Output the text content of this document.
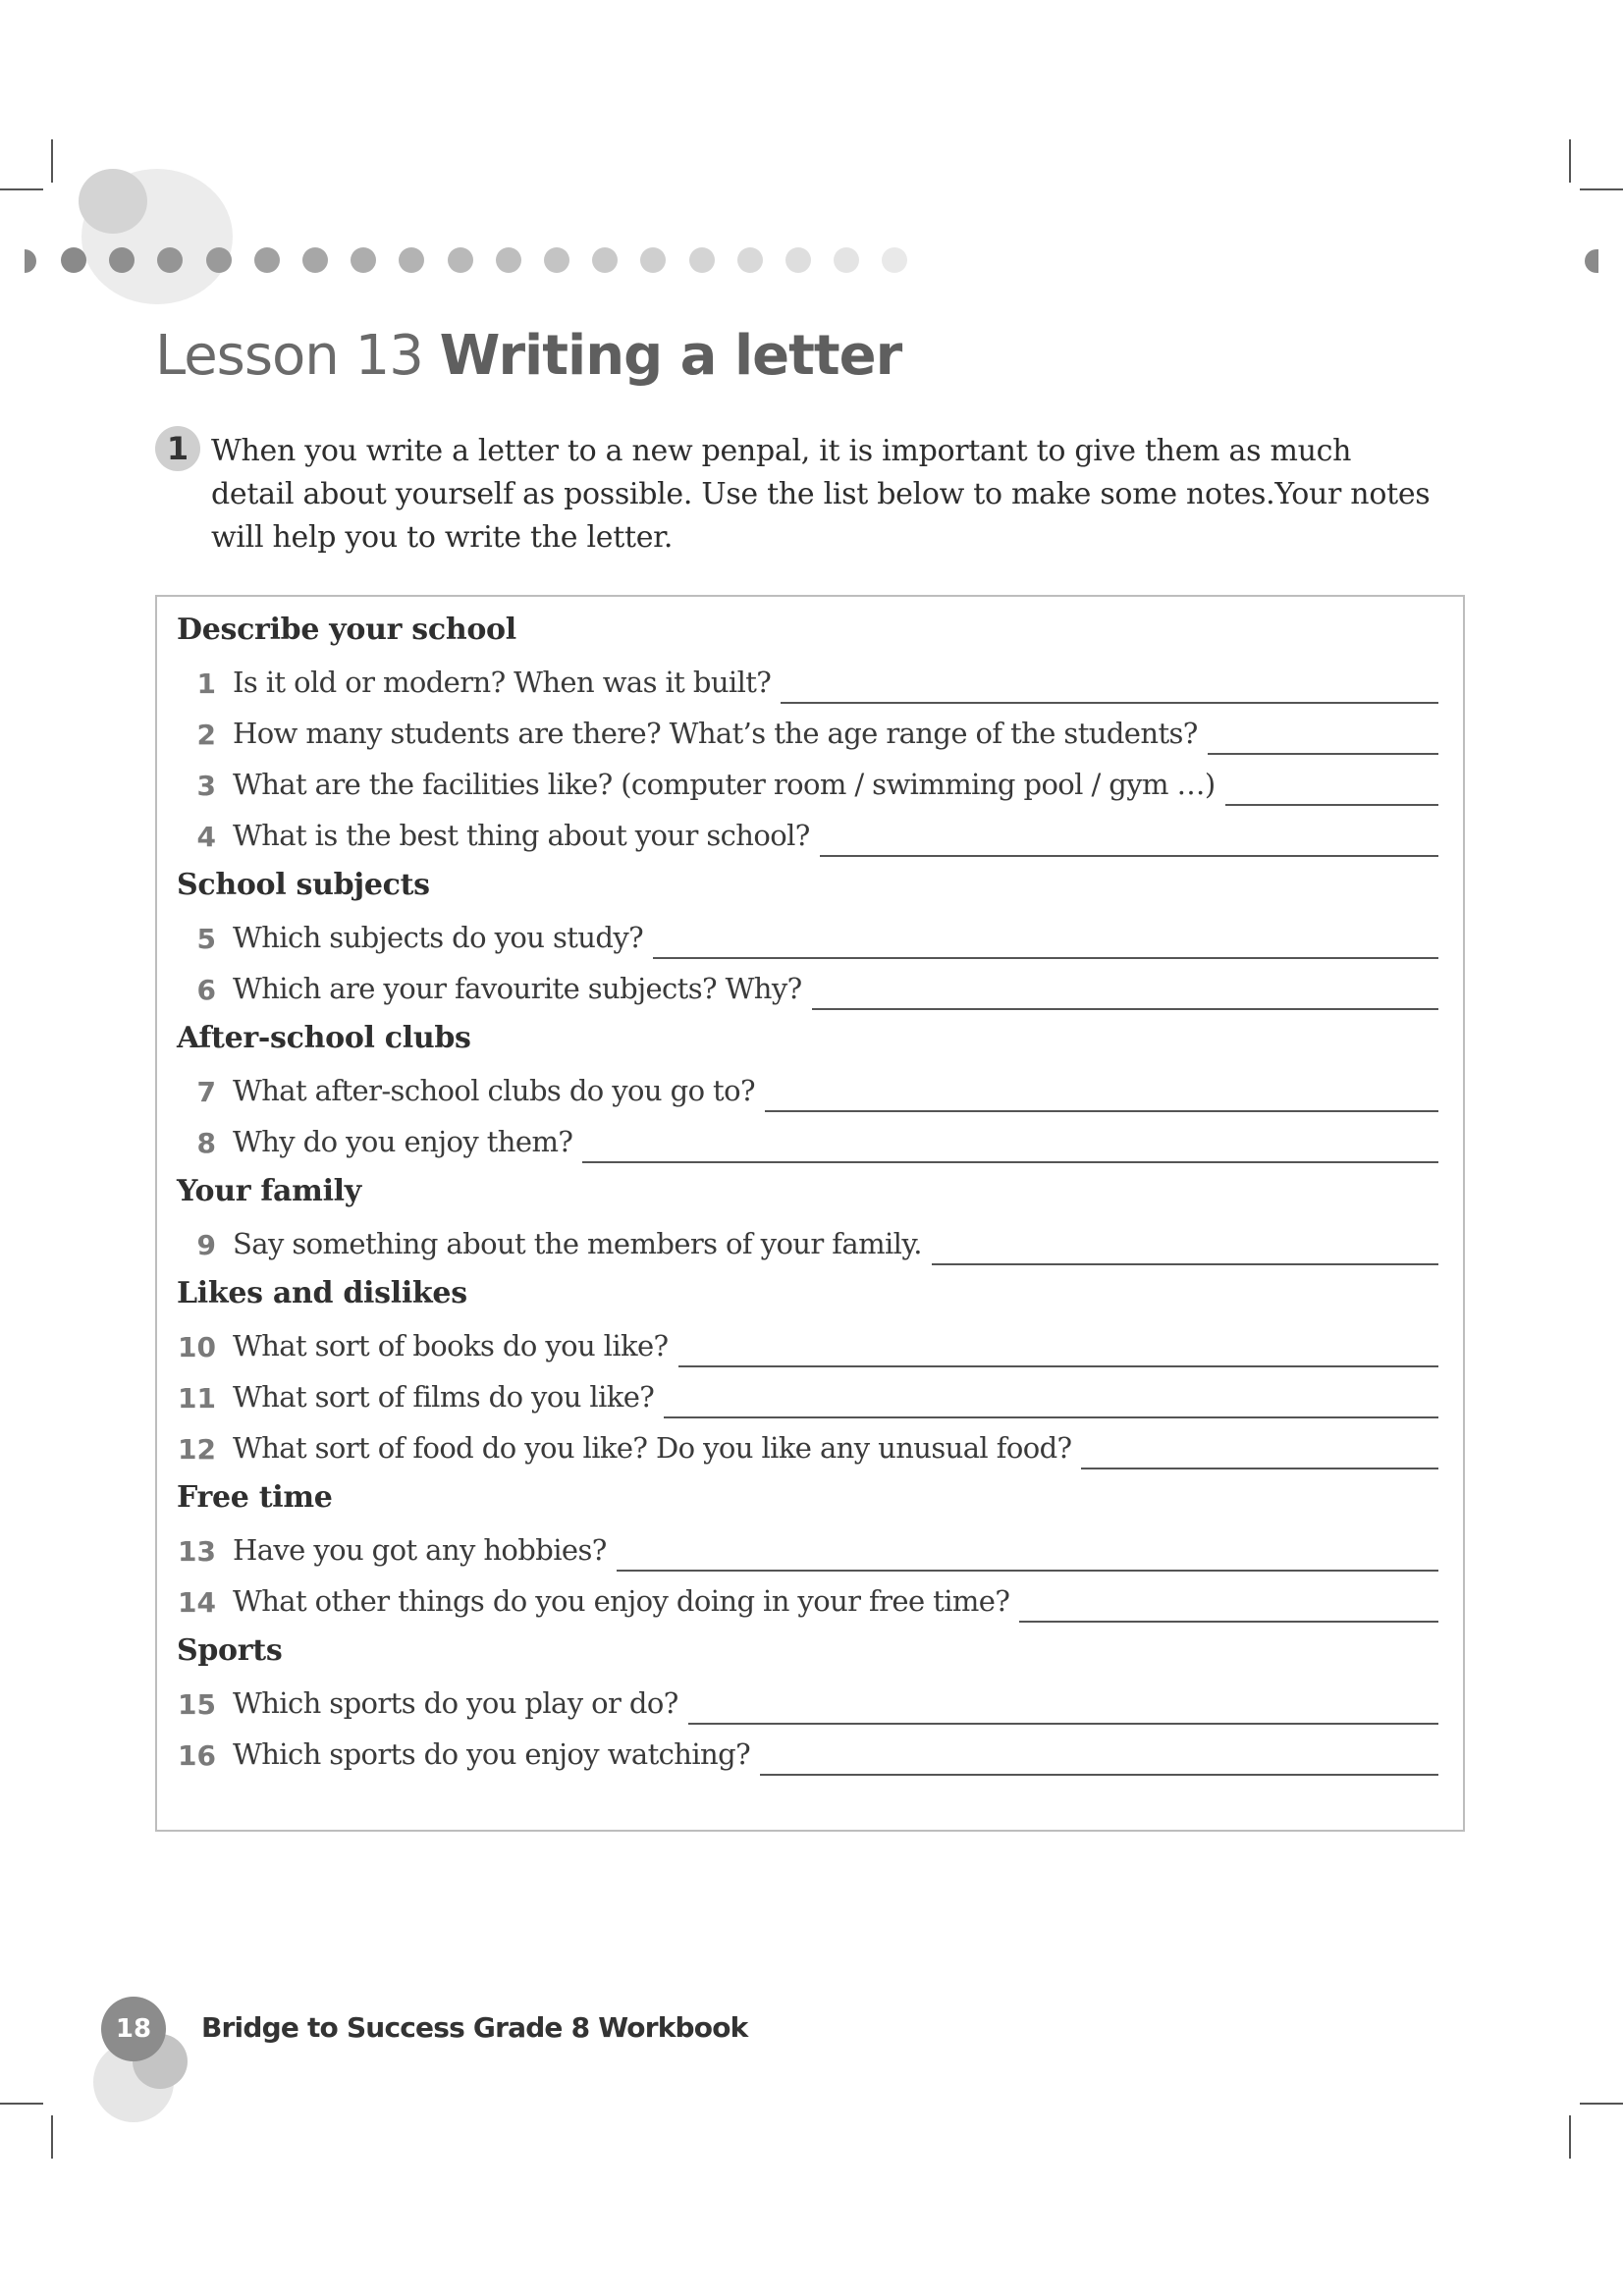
Lesson 13 Writing a letter
1 When you write a letter to a new penpal, it is important to give them as much detail about yourself as possible. Use the list below to make some notes.Your notes will help you to write the letter.
Describe your school
1 Is it old or modern? When was it built?
2 How many students are there? What’s the age range of the students?
3 What are the facilities like? (computer room / swimming pool / gym …)
4 What is the best thing about your school?
School subjects
5 Which subjects do you study?
6 Which are your favourite subjects? Why?
After-school clubs
7 What after-school clubs do you go to?
8 Why do you enjoy them?
Your family
9 Say something about the members of your family.
Likes and dislikes
10 What sort of books do you like?
11 What sort of films do you like?
12 What sort of food do you like? Do you like any unusual food?
Free time
13 Have you got any hobbies?
14 What other things do you enjoy doing in your free time?
Sports
15 Which sports do you play or do?
16 Which sports do you enjoy watching?
18	Bridge to Success Grade 8 Workbook
